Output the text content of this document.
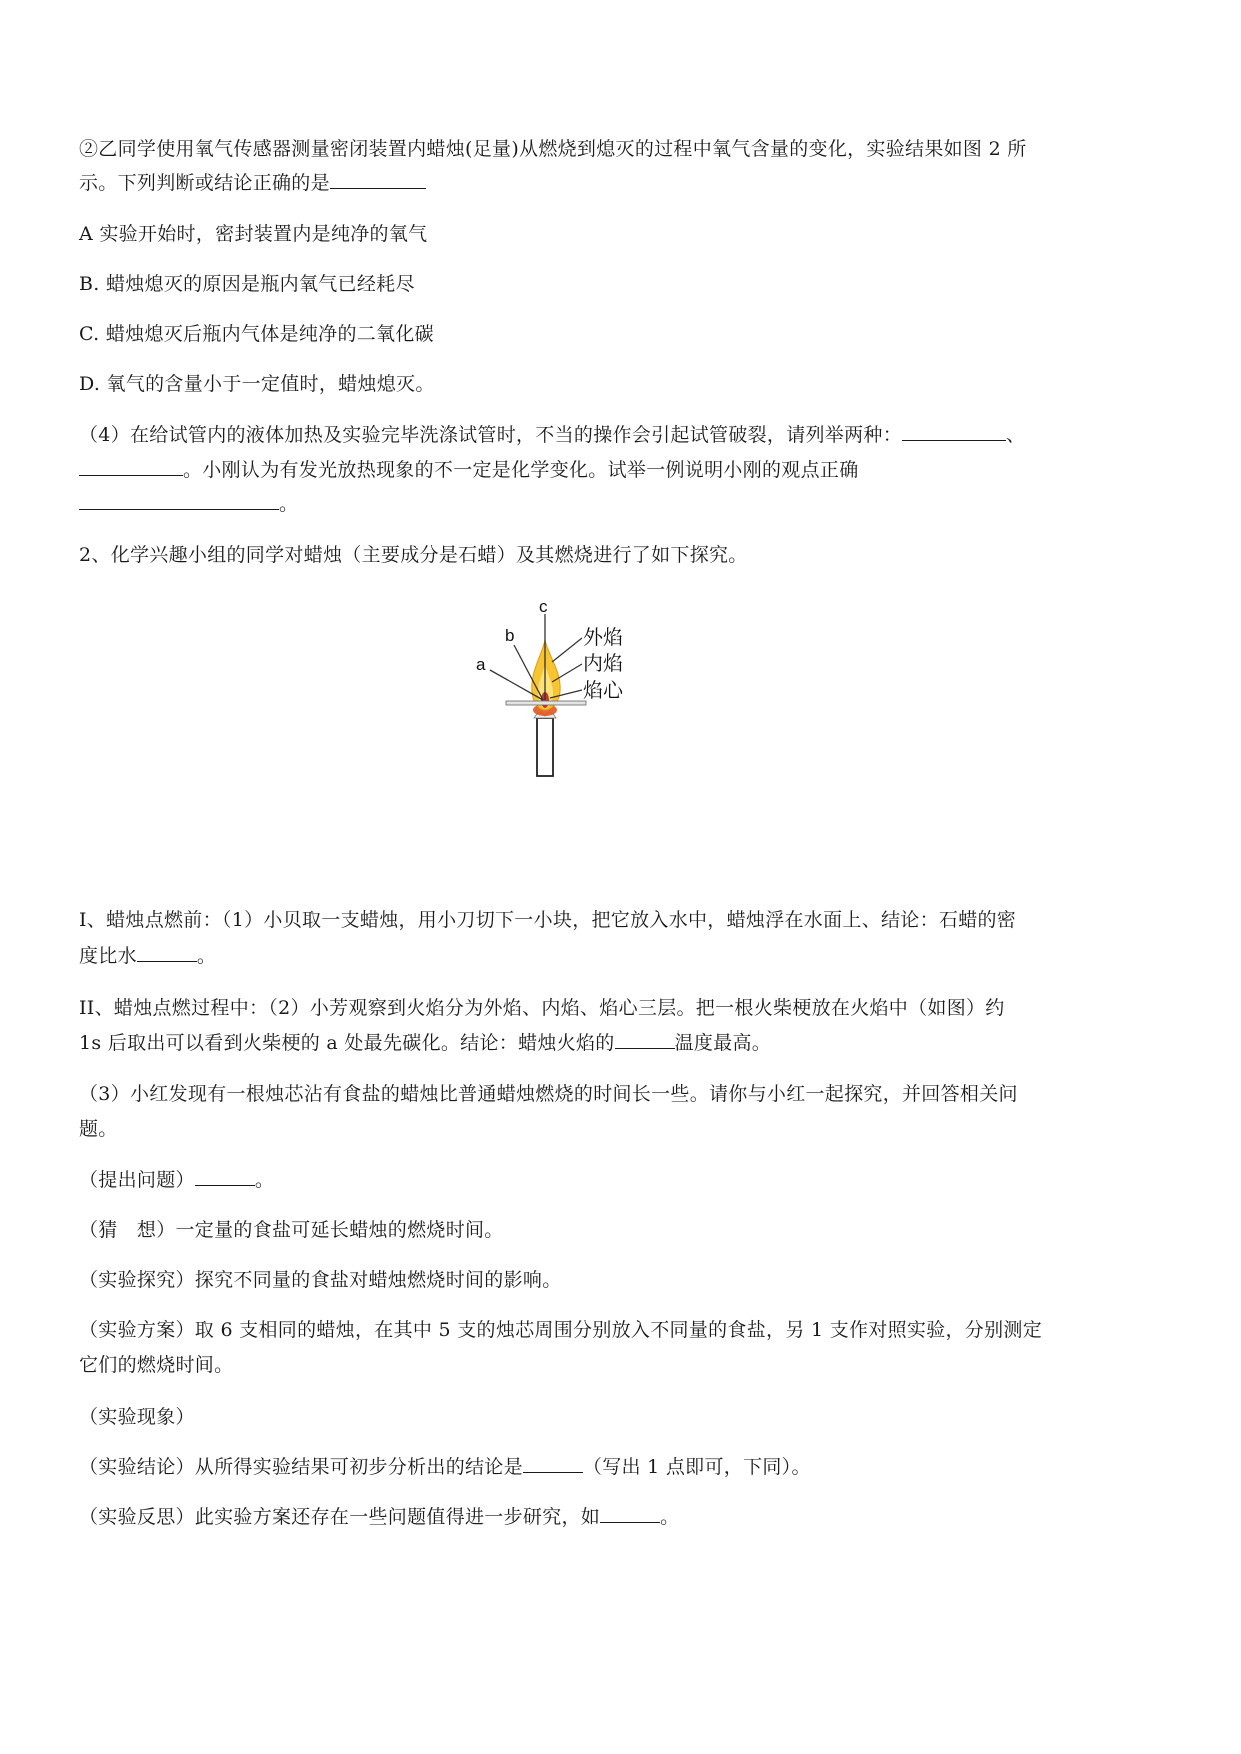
②乙同学使用氧气传感器测量密闭装置内蜡烛(足量)从燃烧到熄灭的过程中氧气含量的变化，实验结果如图 2 所
示。下列判断或结论正确的是
A 实验开始时，密封装置内是纯净的氧气
B. 蜡烛熄灭的原因是瓶内氧气已经耗尽
C. 蜡烛熄灭后瓶内气体是纯净的二氧化碳
D. 氧气的含量小于一定值时，蜡烛熄灭。
（4）在给试管内的液体加热及实验完毕洗涤试管时，不当的操作会引起试管破裂，请列举两种：	、
。小刚认为有发光放热现象的不一定是化学变化。试举一例说明小刚的观点正确
。
2、化学兴趣小组的同学对蜡烛（主要成分是石蜡）及其燃烧进行了如下探究。
a
b
c
外焰
内焰
焰心
I、蜡烛点燃前：（1）小贝取一支蜡烛，用小刀切下一小块，把它放入水中，蜡烛浮在水面上、结论：石蜡的密
度比水	。
II、蜡烛点燃过程中：（2）小芳观察到火焰分为外焰、内焰、焰心三层。把一根火柴梗放在火焰中（如图）约
1s 后取出可以看到火柴梗的 a 处最先碳化。结论：蜡烛火焰的	温度最高。
（3）小红发现有一根烛芯沾有食盐的蜡烛比普通蜡烛燃烧的时间长一些。请你与小红一起探究，并回答相关问
题。
（提出问题）	。
（猜　想）一定量的食盐可延长蜡烛的燃烧时间。
（实验探究）探究不同量的食盐对蜡烛燃烧时间的影响。
（实验方案）取 6 支相同的蜡烛，在其中 5 支的烛芯周围分别放入不同量的食盐，另 1 支作对照实验，分别测定
它们的燃烧时间。
（实验现象）
（实验结论）从所得实验结果可初步分析出的结论是	（写出 1 点即可，下同）。
（实验反思）此实验方案还存在一些问题值得进一步研究，如	。
